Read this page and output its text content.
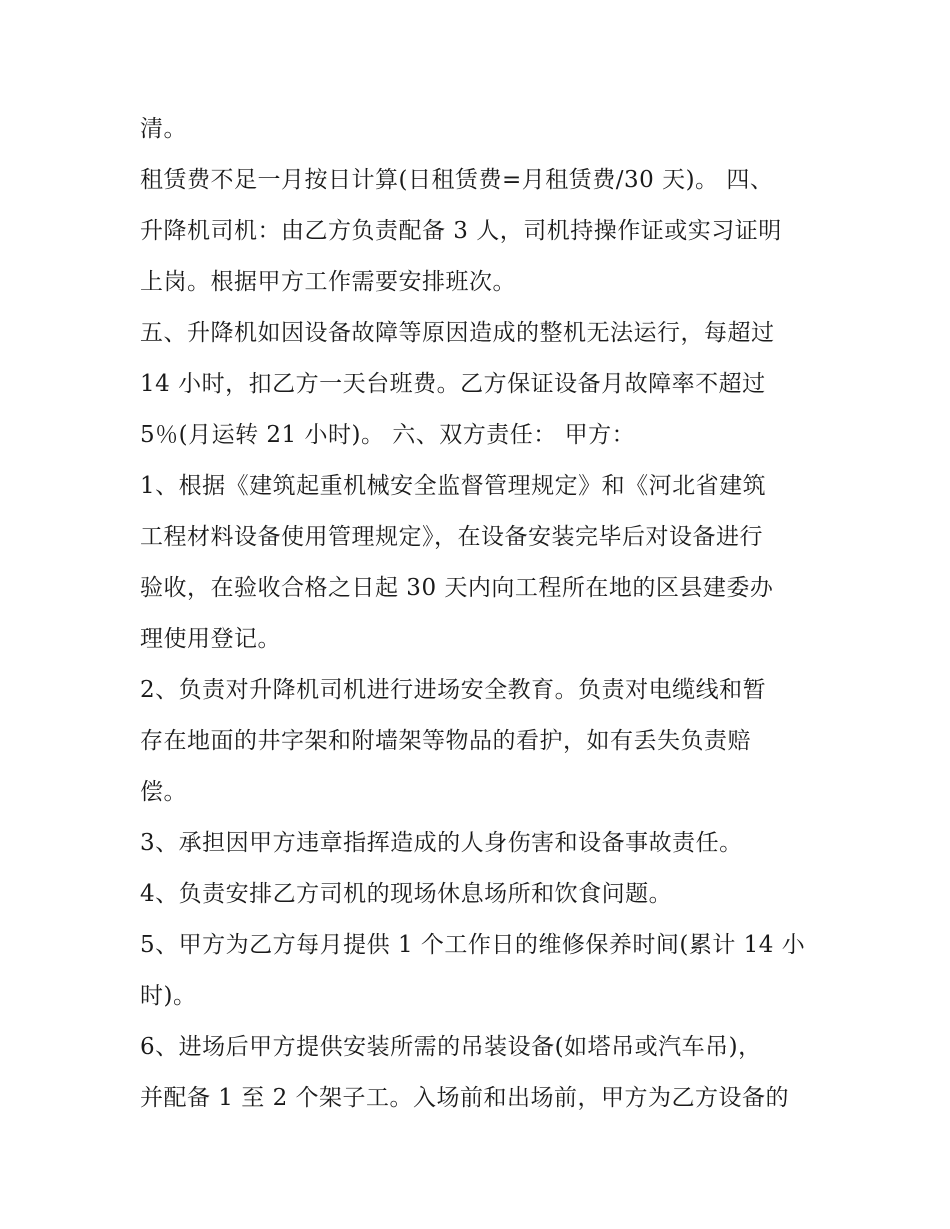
清。

租赁费不足一月按日计算(日租赁费=月租赁费/30 天)。 四、
升降机司机：由乙方负责配备 3 人，司机持操作证或实习证明
上岗。根据甲方工作需要安排班次。

五、升降机如因设备故障等原因造成的整机无法运行，每超过
14 小时，扣乙方一天台班费。乙方保证设备月故障率不超过
5％(月运转 21 小时)。 六、双方责任： 甲方：

1、根据《建筑起重机械安全监督管理规定》和《河北省建筑
工程材料设备使用管理规定》，在设备安装完毕后对设备进行
验收，在验收合格之日起 30 天内向工程所在地的区县建委办
理使用登记。

2、负责对升降机司机进行进场安全教育。负责对电缆线和暂
存在地面的井字架和附墙架等物品的看护，如有丢失负责赔
偿。

3、承担因甲方违章指挥造成的人身伤害和设备事故责任。

4、负责安排乙方司机的现场休息场所和饮食问题。

5、甲方为乙方每月提供 1 个工作日的维修保养时间(累计 14 小
时)。

6、进场后甲方提供安装所需的吊装设备(如塔吊或汽车吊)，
并配备 1 至 2 个架子工。入场前和出场前，甲方为乙方设备的
